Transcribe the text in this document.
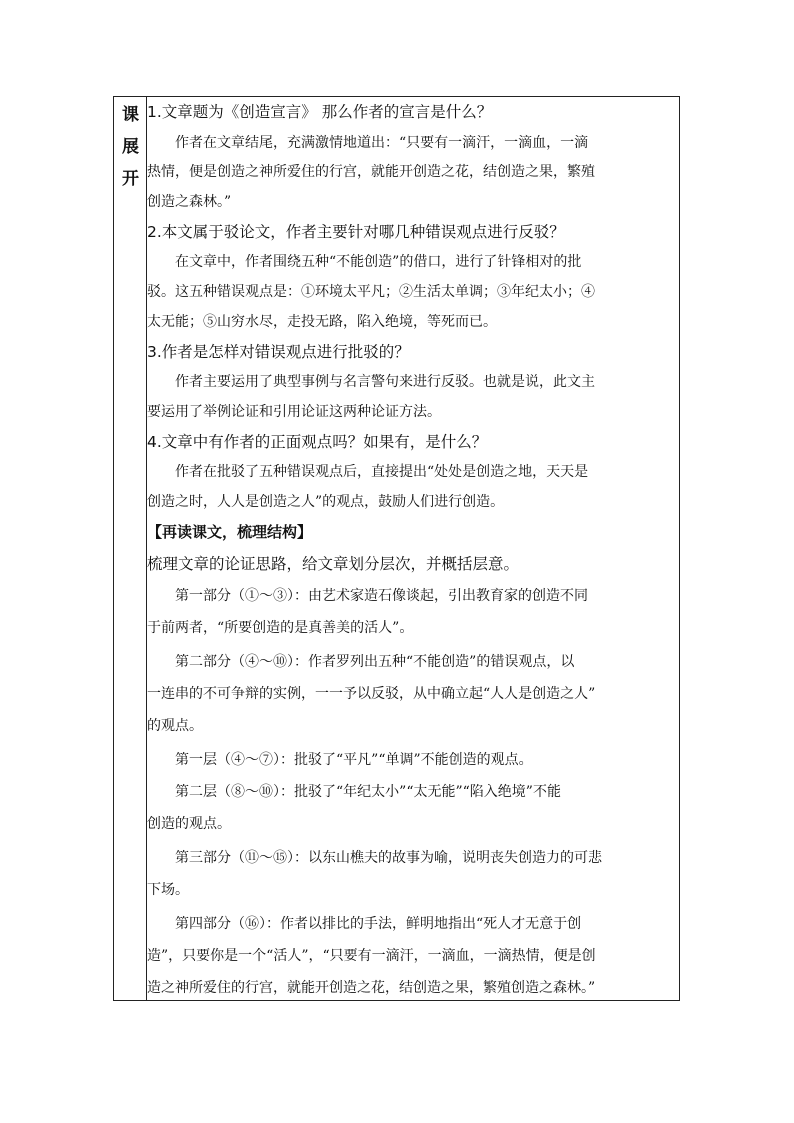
课
展
开
1.文章题为《创造宣言》 那么作者的宣言是什么？
　　作者在文章结尾，充满激情地道出：“只要有一滴汗，一滴血，一滴
热情，便是创造之神所爱住的行宫，就能开创造之花，结创造之果，繁殖
创造之森林。”
2.本文属于驳论文，作者主要针对哪几种错误观点进行反驳？
　　在文章中，作者围绕五种“不能创造”的借口，进行了针锋相对的批
驳。这五种错误观点是：①环境太平凡；②生活太单调；③年纪太小；④
太无能；⑤山穷水尽，走投无路，陷入绝境，等死而已。
3.作者是怎样对错误观点进行批驳的？
　　作者主要运用了典型事例与名言警句来进行反驳。也就是说，此文主
要运用了举例论证和引用论证这两种论证方法。
4.文章中有作者的正面观点吗？如果有，是什么？
　　作者在批驳了五种错误观点后，直接提出“处处是创造之地，天天是
创造之时，人人是创造之人”的观点，鼓励人们进行创造。
【再读课文，梳理结构】
梳理文章的论证思路，给文章划分层次，并概括层意。
　　第一部分（①～③）：由艺术家造石像谈起，引出教育家的创造不同
于前两者，“所要创造的是真善美的活人”。
　　第二部分（④～⑩）：作者罗列出五种“不能创造”的错误观点，以
一连串的不可争辩的实例，一一予以反驳，从中确立起“人人是创造之人”
的观点。
　　第一层（④～⑦）：批驳了“平凡”“单调”不能创造的观点。
　　第二层（⑧～⑩）：批驳了“年纪太小”“太无能”“陷入绝境”不能
创造的观点。
　　第三部分（⑪～⑮）：以东山樵夫的故事为喻，说明丧失创造力的可悲
下场。
　　第四部分（⑯）：作者以排比的手法，鲜明地指出“死人才无意于创
造”，只要你是一个“活人”，“只要有一滴汗，一滴血，一滴热情，便是创
造之神所爱住的行宫，就能开创造之花，结创造之果，繁殖创造之森林。”
